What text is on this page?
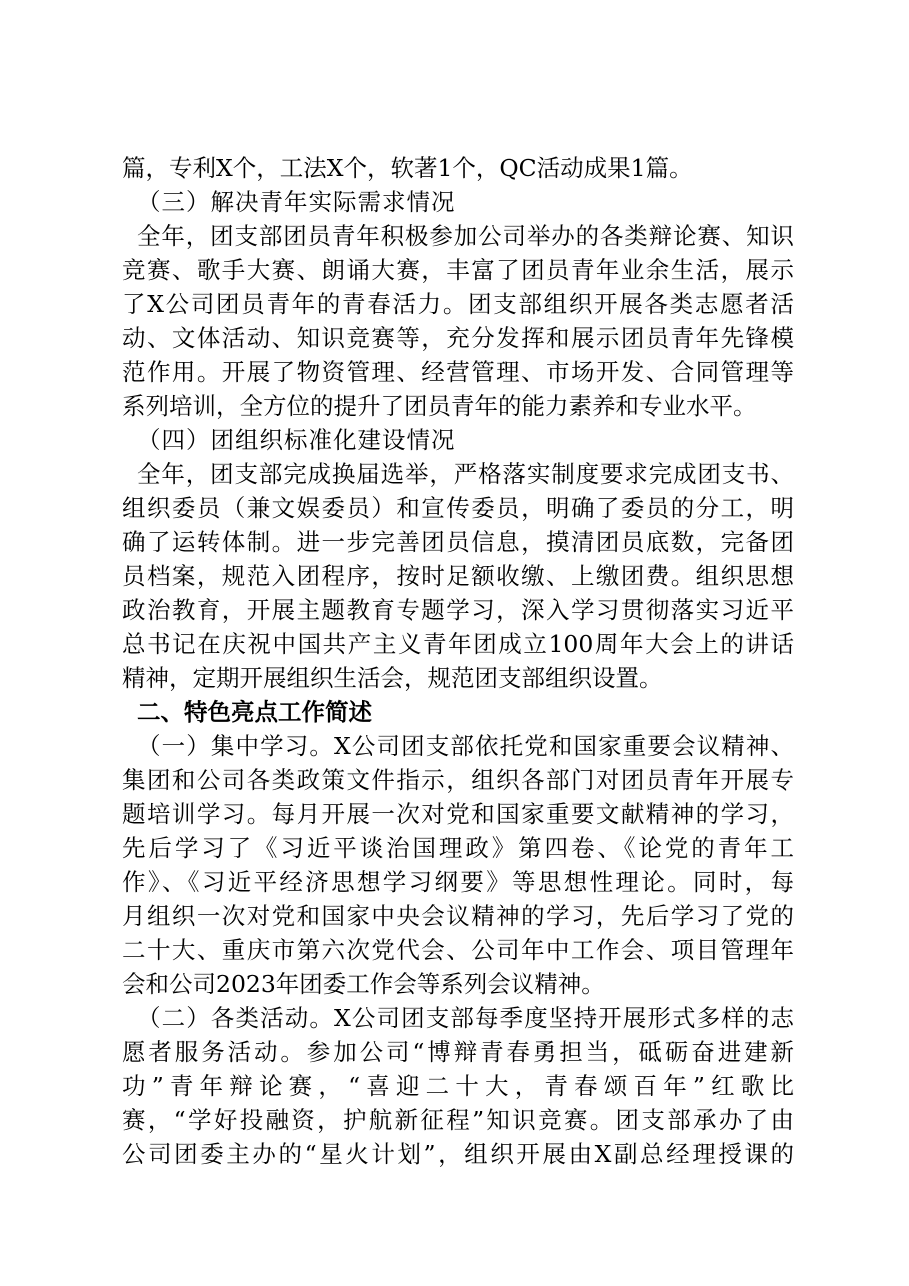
篇，专利X个，工法X个，软著1个，QC活动成果1篇。
（三）解决青年实际需求情况
全年，团支部团员青年积极参加公司举办的各类辩论赛、知识
竞赛、歌手大赛、朗诵大赛，丰富了团员青年业余生活，展示
了X公司团员青年的青春活力。团支部组织开展各类志愿者活
动、文体活动、知识竞赛等，充分发挥和展示团员青年先锋模
范作用。开展了物资管理、经营管理、市场开发、合同管理等
系列培训，全方位的提升了团员青年的能力素养和专业水平。
（四）团组织标准化建设情况
全年，团支部完成换届选举，严格落实制度要求完成团支书、
组织委员（兼文娱委员）和宣传委员，明确了委员的分工，明
确了运转体制。进一步完善团员信息，摸清团员底数，完备团
员档案，规范入团程序，按时足额收缴、上缴团费。组织思想
政治教育，开展主题教育专题学习，深入学习贯彻落实习近平
总书记在庆祝中国共产主义青年团成立100周年大会上的讲话
精神，定期开展组织生活会，规范团支部组织设置。
二、特色亮点工作简述
（一）集中学习。X公司团支部依托党和国家重要会议精神、
集团和公司各类政策文件指示，组织各部门对团员青年开展专
题培训学习。每月开展一次对党和国家重要文献精神的学习，
先后学习了《习近平谈治国理政》第四卷、《论党的青年工
作》、《习近平经济思想学习纲要》等思想性理论。同时，每
月组织一次对党和国家中央会议精神的学习，先后学习了党的
二十大、重庆市第六次党代会、公司年中工作会、项目管理年
会和公司2023年团委工作会等系列会议精神。
（二）各类活动。X公司团支部每季度坚持开展形式多样的志
愿者服务活动。参加公司“博辩青春勇担当，砥砺奋进建新
功”青年辩论赛，“喜迎二十大，青春颂百年”红歌比
赛，“学好投融资，护航新征程”知识竞赛。团支部承办了由
公司团委主办的“星火计划”，组织开展由X副总经理授课的
